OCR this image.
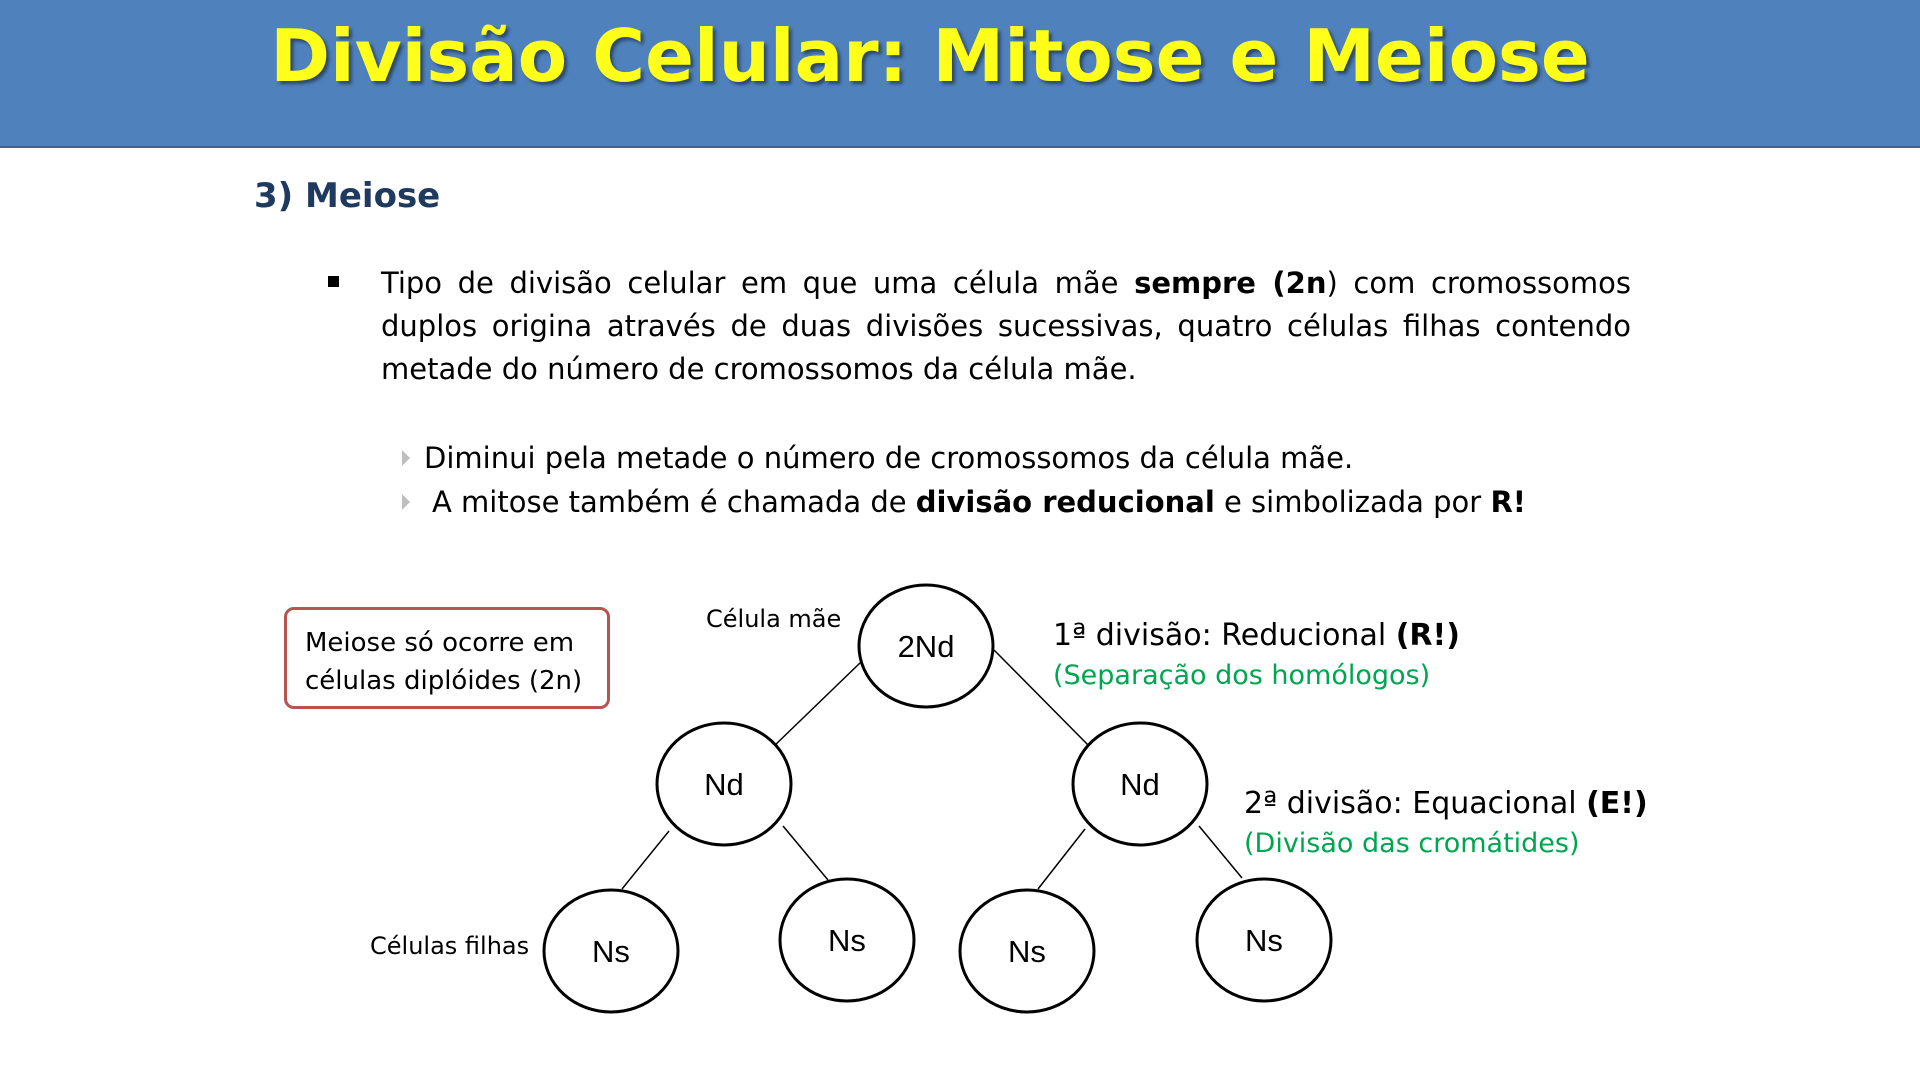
Divisão Celular: Mitose e Meiose
3) Meiose
Tipo de divisão celular em que uma célula mãe sempre (2n) com cromossomos duplos origina através de duas divisões sucessivas, quatro células filhas contendo metade do número de cromossomos da célula mãe.
Diminui pela metade o número de cromossomos da célula mãe.
A mitose também é chamada de divisão reducional e simbolizada por R!
Meiose só ocorre em
células diplóides (2n)
Célula mãe
Células filhas
1ª divisão: Reducional (R!)
(Separação dos homólogos)
2ª divisão: Equacional (E!)
(Divisão das cromátides)
2Nd
Nd	Nd
Ns	Ns	Ns	Ns
